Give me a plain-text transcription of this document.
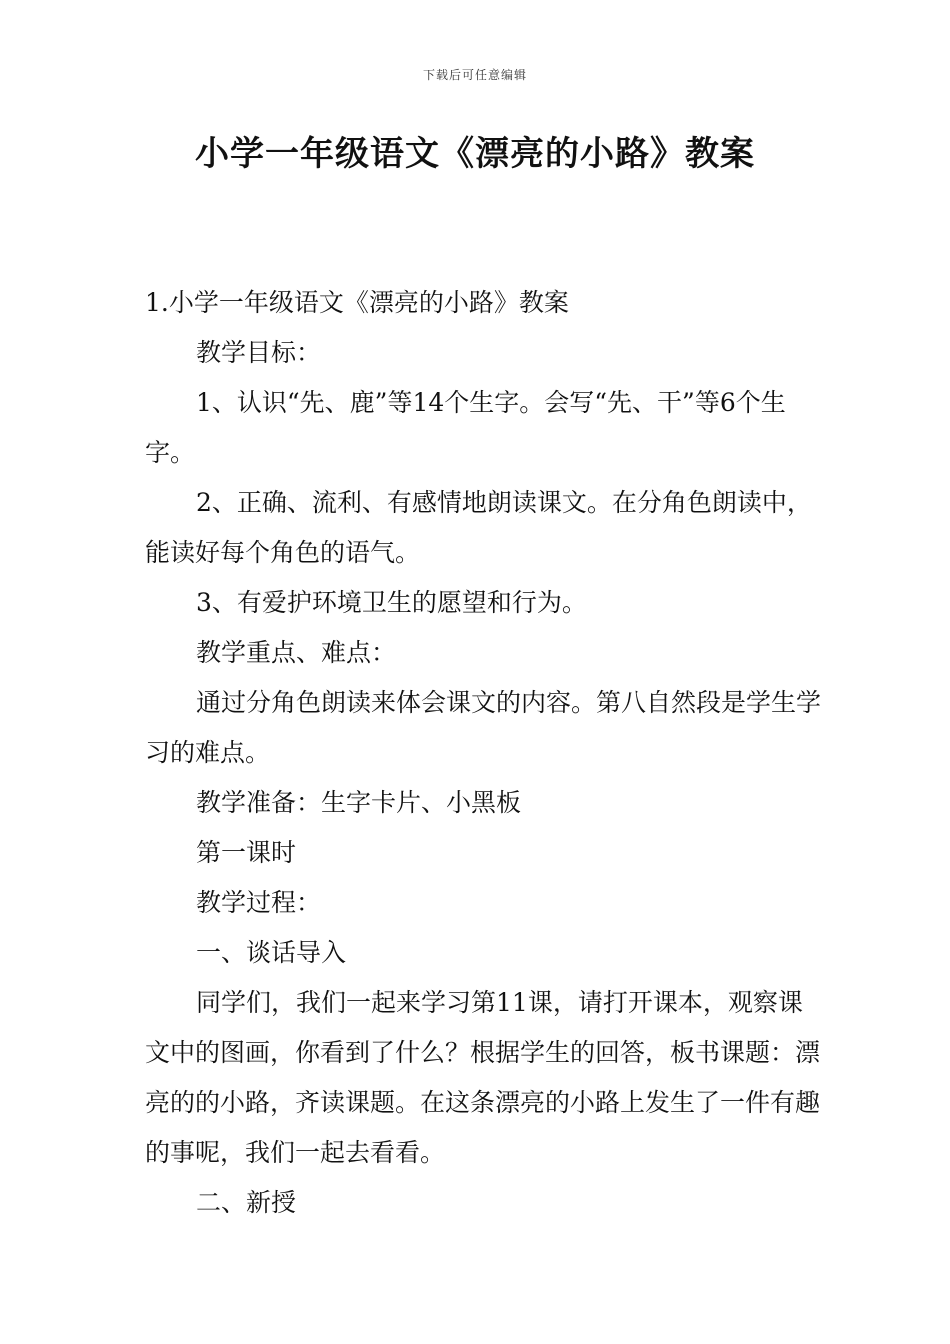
下载后可任意编辑
小学一年级语文《漂亮的小路》教案

1.小学一年级语文《漂亮的小路》教案

教学目标：

1、认识“先、鹿”等14个生字。会写“先、干”等6个生字。

2、正确、流利、有感情地朗读课文。在分角色朗读中，能读好每个角色的语气。

3、有爱护环境卫生的愿望和行为。

教学重点、难点：

通过分角色朗读来体会课文的内容。第八自然段是学生学习的难点。

教学准备：生字卡片、小黑板

第一课时

教学过程：

一、谈话导入

同学们，我们一起来学习第11课，请打开课本，观察课文中的图画，你看到了什么？根据学生的回答，板书课题：漂亮的的小路，齐读课题。在这条漂亮的小路上发生了一件有趣的事呢，我们一起去看看。

二、新授
